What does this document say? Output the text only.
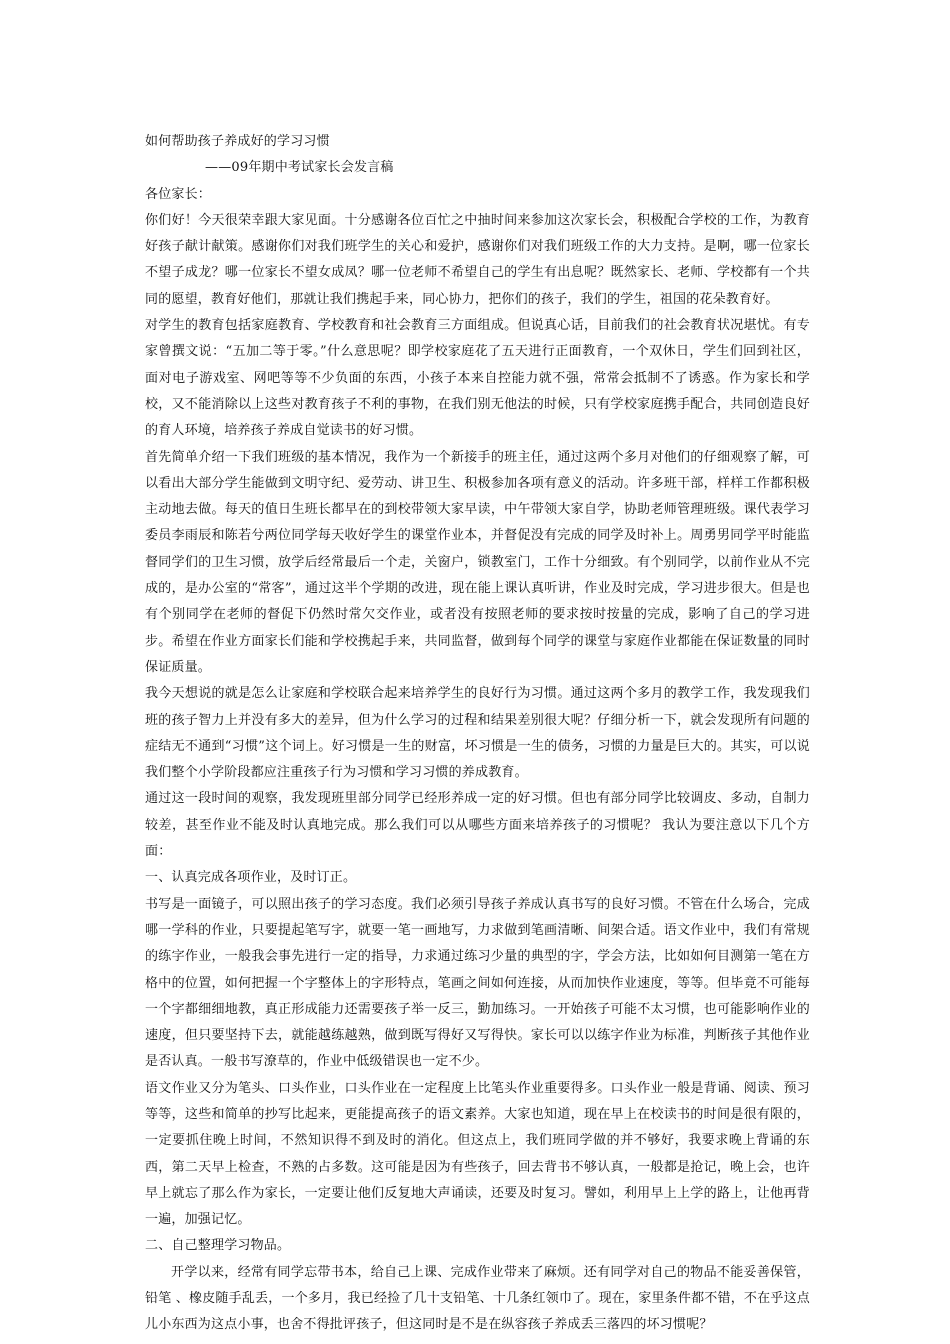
如何帮助孩子养成好的学习习惯

——09年期中考试家长会发言稿

各位家长：

你们好！今天很荣幸跟大家见面。十分感谢各位百忙之中抽时间来参加这次家长会，积极配合学校的工作，为教育好孩子献计献策。感谢你们对我们班学生的关心和爱护，感谢你们对我们班级工作的大力支持。是啊，哪一位家长不望子成龙？哪一位家长不望女成凤？哪一位老师不希望自己的学生有出息呢？既然家长、老师、学校都有一个共同的愿望，教育好他们，那就让我们携起手来，同心协力，把你们的孩子，我们的学生，祖国的花朵教育好。

对学生的教育包括家庭教育、学校教育和社会教育三方面组成。但说真心话，目前我们的社会教育状况堪忧。有专家曾撰文说：“五加二等于零。”什么意思呢？即学校家庭花了五天进行正面教育，一个双休日，学生们回到社区，面对电子游戏室、网吧等等不少负面的东西，小孩子本来自控能力就不强，常常会抵制不了诱惑。作为家长和学校，又不能消除以上这些对教育孩子不利的事物，在我们别无他法的时候，只有学校家庭携手配合，共同创造良好的育人环境，培养孩子养成自觉读书的好习惯。

首先简单介绍一下我们班级的基本情况，我作为一个新接手的班主任，通过这两个多月对他们的仔细观察了解，可以看出大部分学生能做到文明守纪、爱劳动、讲卫生、积极参加各项有意义的活动。许多班干部，样样工作都积极主动地去做。每天的值日生班长都早在的到校带领大家早读，中午带领大家自学，协助老师管理班级。课代表学习委员李雨辰和陈若兮两位同学每天收好学生的课堂作业本，并督促没有完成的同学及时补上。周勇男同学平时能监督同学们的卫生习惯，放学后经常最后一个走，关窗户，锁教室门，工作十分细致。有个别同学，以前作业从不完成的，是办公室的“常客”，通过这半个学期的改进，现在能上课认真听讲，作业及时完成，学习进步很大。但是也有个别同学在老师的督促下仍然时常欠交作业，或者没有按照老师的要求按时按量的完成，影响了自己的学习进步。希望在作业方面家长们能和学校携起手来，共同监督，做到每个同学的课堂与家庭作业都能在保证数量的同时保证质量。

我今天想说的就是怎么让家庭和学校联合起来培养学生的良好行为习惯。通过这两个多月的教学工作，我发现我们班的孩子智力上并没有多大的差异，但为什么学习的过程和结果差别很大呢？仔细分析一下，就会发现所有问题的症结无不通到“习惯”这个词上。好习惯是一生的财富，坏习惯是一生的债务，习惯的力量是巨大的。其实，可以说我们整个小学阶段都应注重孩子行为习惯和学习习惯的养成教育。

通过这一段时间的观察，我发现班里部分同学已经形养成一定的好习惯。但也有部分同学比较调皮、多动，自制力较差，甚至作业不能及时认真地完成。那么我们可以从哪些方面来培养孩子的习惯呢？ 我认为要注意以下几个方面：

一、认真完成各项作业，及时订正。

书写是一面镜子，可以照出孩子的学习态度。我们必须引导孩子养成认真书写的良好习惯。不管在什么场合，完成哪一学科的作业，只要提起笔写字，就要一笔一画地写，力求做到笔画清晰、间架合适。语文作业中，我们有常规的练字作业，一般我会事先进行一定的指导，力求通过练习少量的典型的字，学会方法，比如如何目测第一笔在方格中的位置，如何把握一个字整体上的字形特点，笔画之间如何连接，从而加快作业速度，等等。但毕竟不可能每一个字都细细地教，真正形成能力还需要孩子举一反三，勤加练习。一开始孩子可能不太习惯，也可能影响作业的速度，但只要坚持下去，就能越练越熟，做到既写得好又写得快。家长可以以练字作业为标准，判断孩子其他作业是否认真。一般书写潦草的，作业中低级错误也一定不少。

语文作业又分为笔头、口头作业，口头作业在一定程度上比笔头作业重要得多。口头作业一般是背诵、阅读、预习等等，这些和简单的抄写比起来，更能提高孩子的语文素养。大家也知道，现在早上在校读书的时间是很有限的，一定要抓住晚上时间，不然知识得不到及时的消化。但这点上，我们班同学做的并不够好，我要求晚上背诵的东西，第二天早上检查，不熟的占多数。这可能是因为有些孩子，回去背书不够认真，一般都是抢记，晚上会，也许早上就忘了那么作为家长，一定要让他们反复地大声诵读，还要及时复习。譬如，利用早上上学的路上，让他再背一遍，加强记忆。

二、自己整理学习物品。

开学以来，经常有同学忘带书本，给自己上课、完成作业带来了麻烦。还有同学对自己的物品不能妥善保管，铅笔 、橡皮随手乱丢，一个多月，我已经捡了几十支铅笔、十几条红领巾了。现在，家里条件都不错，不在乎这点儿小东西为这点小事，也舍不得批评孩子，但这同时是不是在纵容孩子养成丢三落四的坏习惯呢？
